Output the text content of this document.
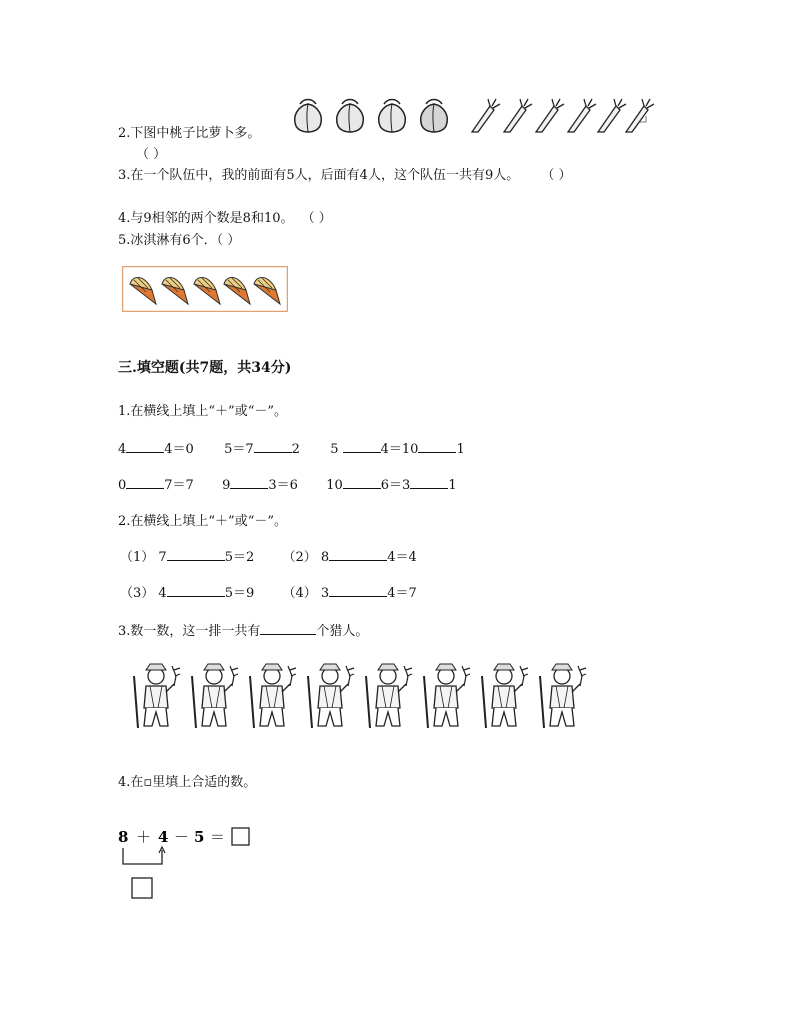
2.下图中桃子比萝卜多。
（ ）
3.在一个队伍中，我的前面有5人，后面有4人，这个队伍一共有9人。 （ ）
4.与9相邻的两个数是8和10。 （ ）
5.冰淇淋有6个．（ ）
三.填空题(共7题，共34分)
1.在横线上填上“＋”或“－”。
4	4＝0 5＝7	2 5	4＝10	1
0	7＝7 9	3＝6 10	6＝3	1
2.在横线上填上“＋”或“－”。
（1） 7	5＝2 （2） 8	4＝4
（3） 4	5＝9 （4） 3	4＝7
3.数一数，这一排一共有	个猎人。
4.在▫里填上合适的数。
8 ＋ 4 － 5 ＝
